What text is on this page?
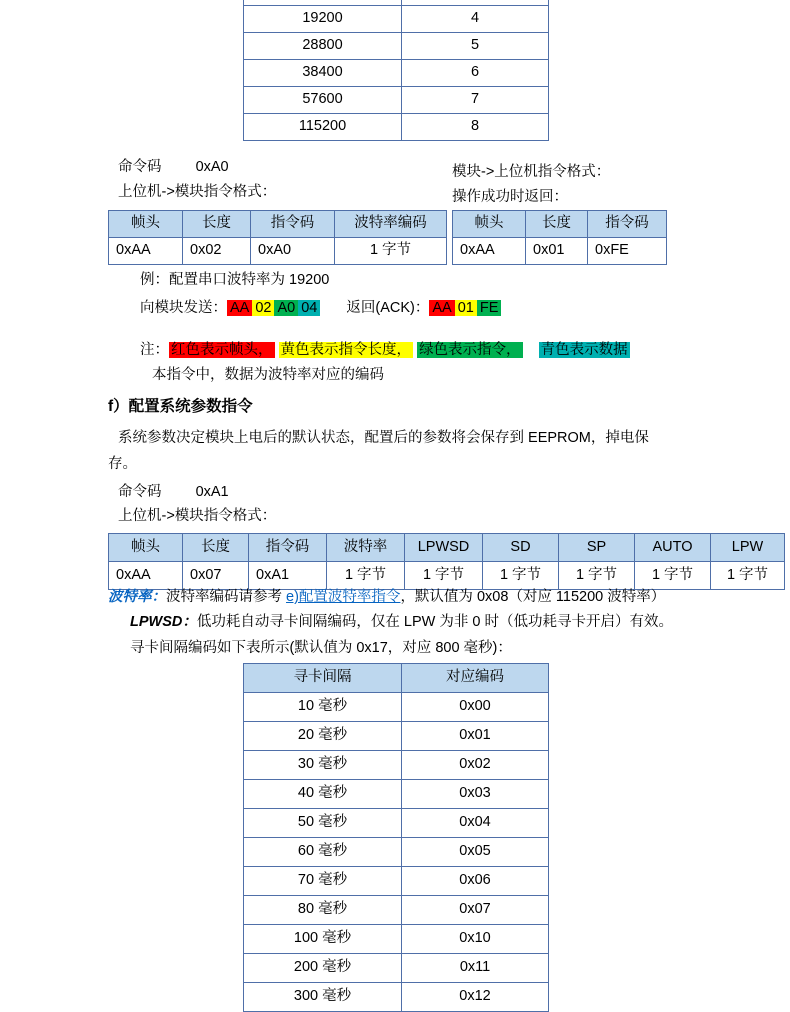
19200	4
28800	5
38400	6
57600	7
115200	8
命令码 0xA0	模块->上位机指令格式：
上位机->模块指令格式：	操作成功时返回：
帧头	长度	指令码	波特率编码
0xAA	0x02	0xA0	1 字节
帧头	长度	指令码
0xAA	0x01	0xFE
例：配置串口波特率为 19200
向模块发送： AA 02 A0 04 返回(ACK)： AA 01 FE
注： 红色表示帧头， 黄色表示指令长度， 绿色表示指令， 青色表示数据
本指令中，数据为波特率对应的编码
f）配置系统参数指令
系统参数决定模块上电后的默认状态，配置后的参数将会保存到 EEPROM，掉电保
存。
命令码 0xA1
上位机->模块指令格式：
帧头	长度	指令码	波特率	LPWSD	SD	SP	AUTO	LPW
0xAA	0x07	0xA1	1 字节	1 字节	1 字节	1 字节	1 字节	1 字节
波特率：波特率编码请参考 e)配置波特率指令，默认值为 0x08（对应 115200 波特率）
LPWSD：低功耗自动寻卡间隔编码，仅在 LPW 为非 0 时（低功耗寻卡开启）有效。
寻卡间隔编码如下表所示(默认值为 0x17，对应 800 毫秒)：
寻卡间隔	对应编码
10 毫秒	0x00
20 毫秒	0x01
30 毫秒	0x02
40 毫秒	0x03
50 毫秒	0x04
60 毫秒	0x05
70 毫秒	0x06
80 毫秒	0x07
100 毫秒	0x10
200 毫秒	0x11
300 毫秒	0x12
